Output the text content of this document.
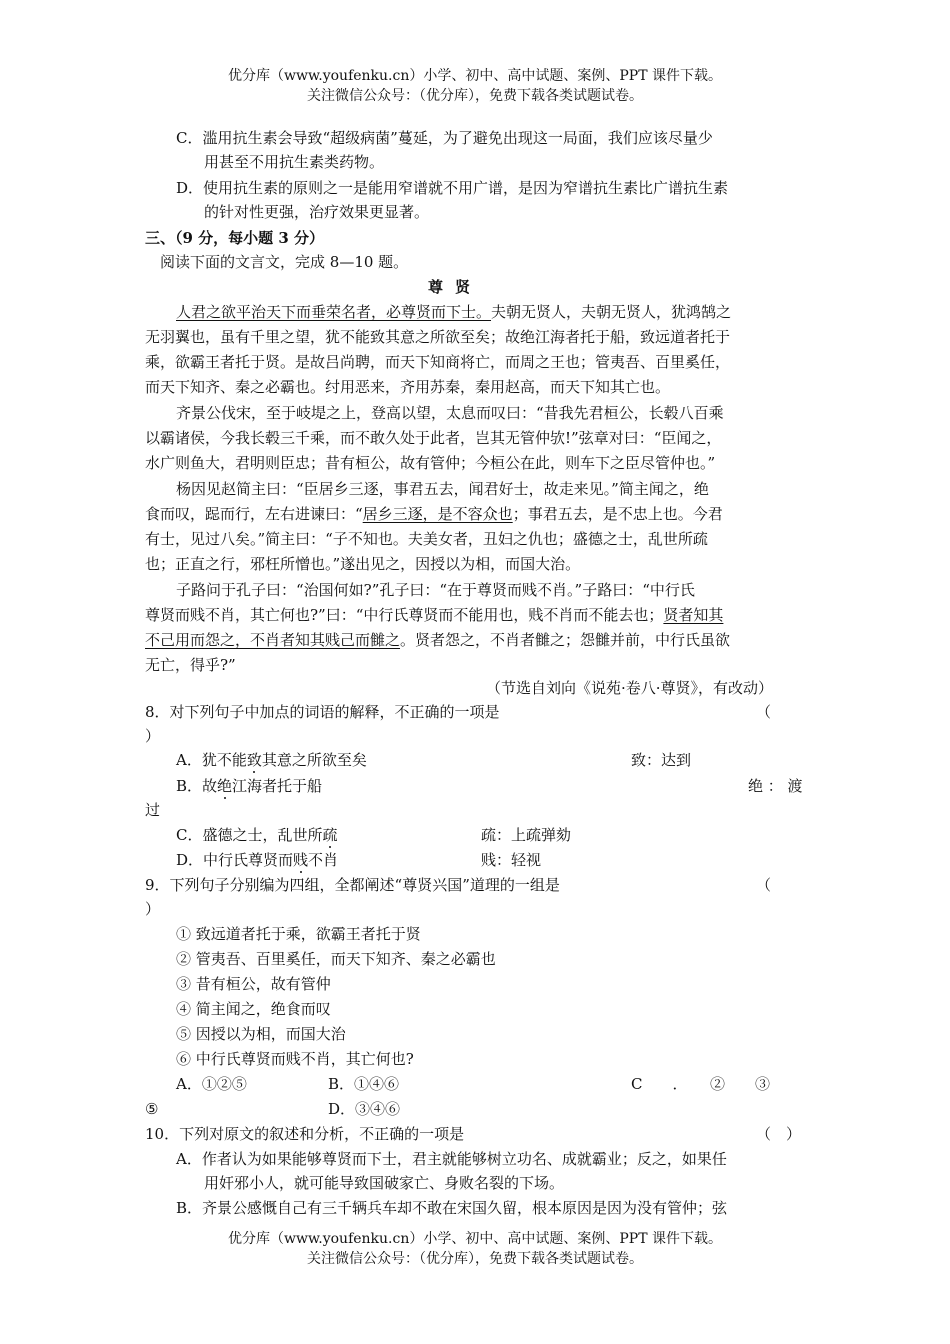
优分库（www.youfenku.cn）小学、初中、高中试题、案例、PPT 课件下载。
关注微信公众号：（优分库），免费下载各类试题试卷。
C．滥用抗生素会导致“超级病菌”蔓延，为了避免出现这一局面，我们应该尽量少
用甚至不用抗生素类药物。
D．使用抗生素的原则之一是能用窄谱就不用广谱，是因为窄谱抗生素比广谱抗生素
的针对性更强，治疗效果更显著。
三、（9 分，每小题 3 分）
阅读下面的文言文，完成 8—10 题。
尊贤
人君之欲平治天下而垂荣名者，必尊贤而下士。夫朝无贤人，夫朝无贤人，犹鸿鹄之
无羽翼也，虽有千里之望，犹不能致其意之所欲至矣；故绝江海者托于船，致远道者托于
乘，欲霸王者托于贤。是故吕尚聘，而天下知商将亡，而周之王也；管夷吾、百里奚任，
而天下知齐、秦之必霸也。纣用恶来，齐用苏秦，秦用赵高，而天下知其亡也。
齐景公伐宋，至于岐堤之上，登高以望，太息而叹曰：“昔我先君桓公，长毂八百乘
以霸诸侯，今我长毂三千乘，而不敢久处于此者，岂其无管仲欤!”弦章对曰：“臣闻之，
水广则鱼大，君明则臣忠；昔有桓公，故有管仲；今桓公在此，则车下之臣尽管仲也。”
杨因见赵简主曰：“臣居乡三逐，事君五去，闻君好士，故走来见。”简主闻之，绝
食而叹，跽而行，左右进谏曰：“居乡三逐，是不容众也；事君五去，是不忠上也。今君
有士，见过八矣。”简主曰：“子不知也。夫美女者，丑妇之仇也；盛德之士，乱世所疏
也；正直之行，邪枉所憎也。”遂出见之，因授以为相，而国大治。
子路问于孔子曰：“治国何如?”孔子曰：“在于尊贤而贱不肖。”子路曰：“中行氏
尊贤而贱不肖，其亡何也?”曰：“中行氏尊贤而不能用也，贱不肖而不能去也；贤者知其
不己用而怨之，不肖者知其贱己而雠之。贤者怨之，不肖者雠之；怨雠并前，中行氏虽欲
无亡，得乎?”
（节选自刘向《说苑·卷八·尊贤》，有改动）
8．对下列句子中加点的词语的解释，不正确的一项是	（
）
A．犹不能致其意之所欲至矣	致：达到
B．故绝江海者托于船	绝 ： 渡
过
C．盛德之士，乱世所疏	疏：上疏弹劾
D．中行氏尊贤而贱不肖	贱：轻视
9．下列句子分别编为四组，全都阐述“尊贤兴国”道理的一组是	（
）
① 致远道者托于乘，欲霸王者托于贤
② 管夷吾、百里奚任，而天下知齐、秦之必霸也
③ 昔有桓公，故有管仲
④ 简主闻之，绝食而叹
⑤ 因授以为相，而国大治
⑥ 中行氏尊贤而贱不肖，其亡何也?
A．①②⑤	B．①④⑥	C　　．　　②　　③
⑤	D．③④⑥
10．下列对原文的叙述和分析，不正确的一项是	（　）
A．作者认为如果能够尊贤而下士，君主就能够树立功名、成就霸业；反之，如果任
用奸邪小人，就可能导致国破家亡、身败名裂的下场。
B．齐景公感慨自己有三千辆兵车却不敢在宋国久留，根本原因是因为没有管仲；弦
优分库（www.youfenku.cn）小学、初中、高中试题、案例、PPT 课件下载。
关注微信公众号：（优分库），免费下载各类试题试卷。
